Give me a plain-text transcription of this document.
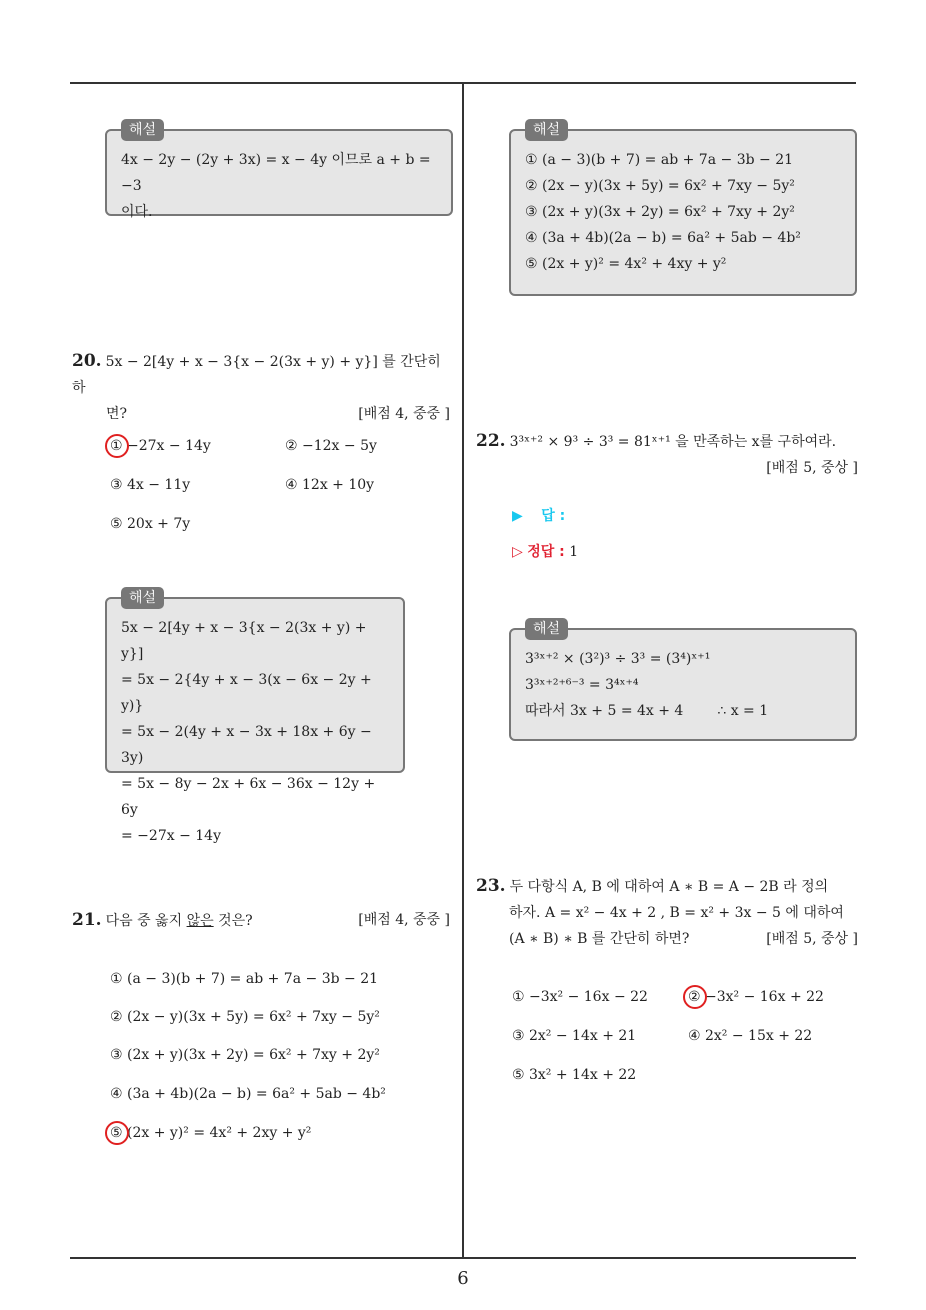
해설
4x − 2y − (2y + 3x) = x − 4y 이므로 a + b = −3
이다.
해설
① (a − 3)(b + 7) = ab + 7a − 3b − 21
② (2x − y)(3x + 5y) = 6x² + 7xy − 5y²
③ (2x + y)(3x + 2y) = 6x² + 7xy + 2y²
④ (3a + 4b)(2a − b) = 6a² + 5ab − 4b²
⑤ (2x + y)² = 4x² + 4xy + y²
20. 5x − 2[4y + x − 3{x − 2(3x + y) + y}] 를 간단히 하
면?	[배점 4, 중중 ]
① −27x − 14y	② −12x − 5y
③ 4x − 11y	④ 12x + 10y
⑤ 20x + 7y
해설
5x − 2[4y + x − 3{x − 2(3x + y) + y}]
= 5x − 2{4y + x − 3(x − 6x − 2y + y)}
= 5x − 2(4y + x − 3x + 18x + 6y − 3y)
= 5x − 8y − 2x + 6x − 36x − 12y + 6y
= −27x − 14y
22. 3³ˣ⁺² × 9³ ÷ 3³ = 81ˣ⁺¹ 을 만족하는 x를 구하여라.
[배점 5, 중상 ]
▶ 답 :
▷ 정답 : 1
해설
3³ˣ⁺² × (3²)³ ÷ 3³ = (3⁴)ˣ⁺¹
3³ˣ⁺²⁺⁶⁻³ = 3⁴ˣ⁺⁴
따라서 3x + 5 = 4x + 4 ∴ x = 1
23. 두 다항식 A, B 에 대하여 A ∗ B = A − 2B 라 정의
하자. A = x² − 4x + 2 , B = x² + 3x − 5 에 대하여
(A ∗ B) ∗ B 를 간단히 하면?	[배점 5, 중상 ]
① −3x² − 16x − 22	② −3x² − 16x + 22
③ 2x² − 14x + 21	④ 2x² − 15x + 22
⑤ 3x² + 14x + 22
21. 다음 중 옳지 않은 것은?	[배점 4, 중중 ]
① (a − 3)(b + 7) = ab + 7a − 3b − 21
② (2x − y)(3x + 5y) = 6x² + 7xy − 5y²
③ (2x + y)(3x + 2y) = 6x² + 7xy + 2y²
④ (3a + 4b)(2a − b) = 6a² + 5ab − 4b²
⑤ (2x + y)² = 4x² + 2xy + y²
6
